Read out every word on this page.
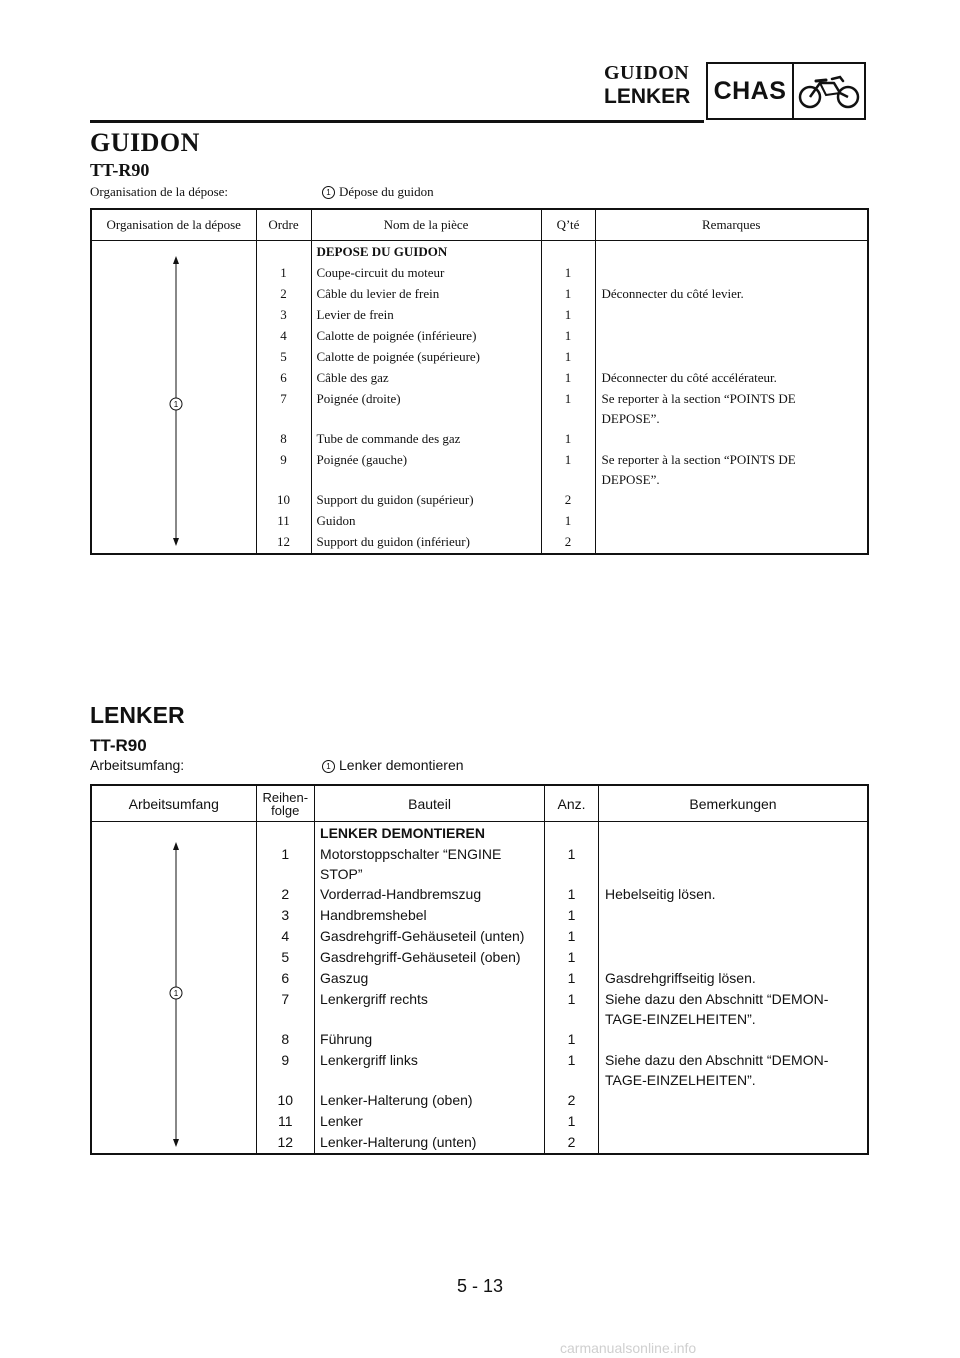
GUIDON
LENKER CHAS
GUIDON
TT-R90
Organisation de la dépose:	1 Dépose du guidon
Organisation de la dépose	Ordre	Nom de la pièce	Q’té	Remarques

1		DEPOSE DU GUIDON		
	1	Coupe-circuit du moteur	1	
	2	Câble du levier de frein	1	Déconnecter du côté levier.
	3	Levier de frein	1	
	4	Calotte de poignée (inférieure)	1	
	5	Calotte de poignée (supérieure)	1	
	6	Câble des gaz	1	Déconnecter du côté accélérateur.
	7	Poignée (droite)	1	Se reporter à la section “POINTS DE DEPOSE”.
	8	Tube de commande des gaz	1	
	9	Poignée (gauche)	1	Se reporter à la section “POINTS DE DEPOSE”.
	10	Support du guidon (supérieur)	2	
	11	Guidon	1	
	12	Support du guidon (inférieur)	2	
LENKER
TT-R90
Arbeitsumfang:	1 Lenker demontieren
Arbeitsumfang	Reihen-folge	Bauteil	Anz.	Bemerkungen

1		LENKER DEMONTIEREN		
	1	Motorstoppschalter “ENGINE STOP”	1	
	2	Vorderrad-Handbremszug	1	Hebelseitig lösen.
	3	Handbremshebel	1	
	4	Gasdrehgriff-Gehäuseteil (unten)	1	
	5	Gasdrehgriff-Gehäuseteil (oben)	1	
	6	Gaszug	1	Gasdrehgriffseitig lösen.
	7	Lenkergriff rechts	1	Siehe dazu den Abschnitt “DEMON-TAGE-EINZELHEITEN”.
	8	Führung	1	
	9	Lenkergriff links	1	Siehe dazu den Abschnitt “DEMON-TAGE-EINZELHEITEN”.
	10	Lenker-Halterung (oben)	2	
	11	Lenker	1	
	12	Lenker-Halterung (unten)	2	
5 - 13
carmanualsonline.info
